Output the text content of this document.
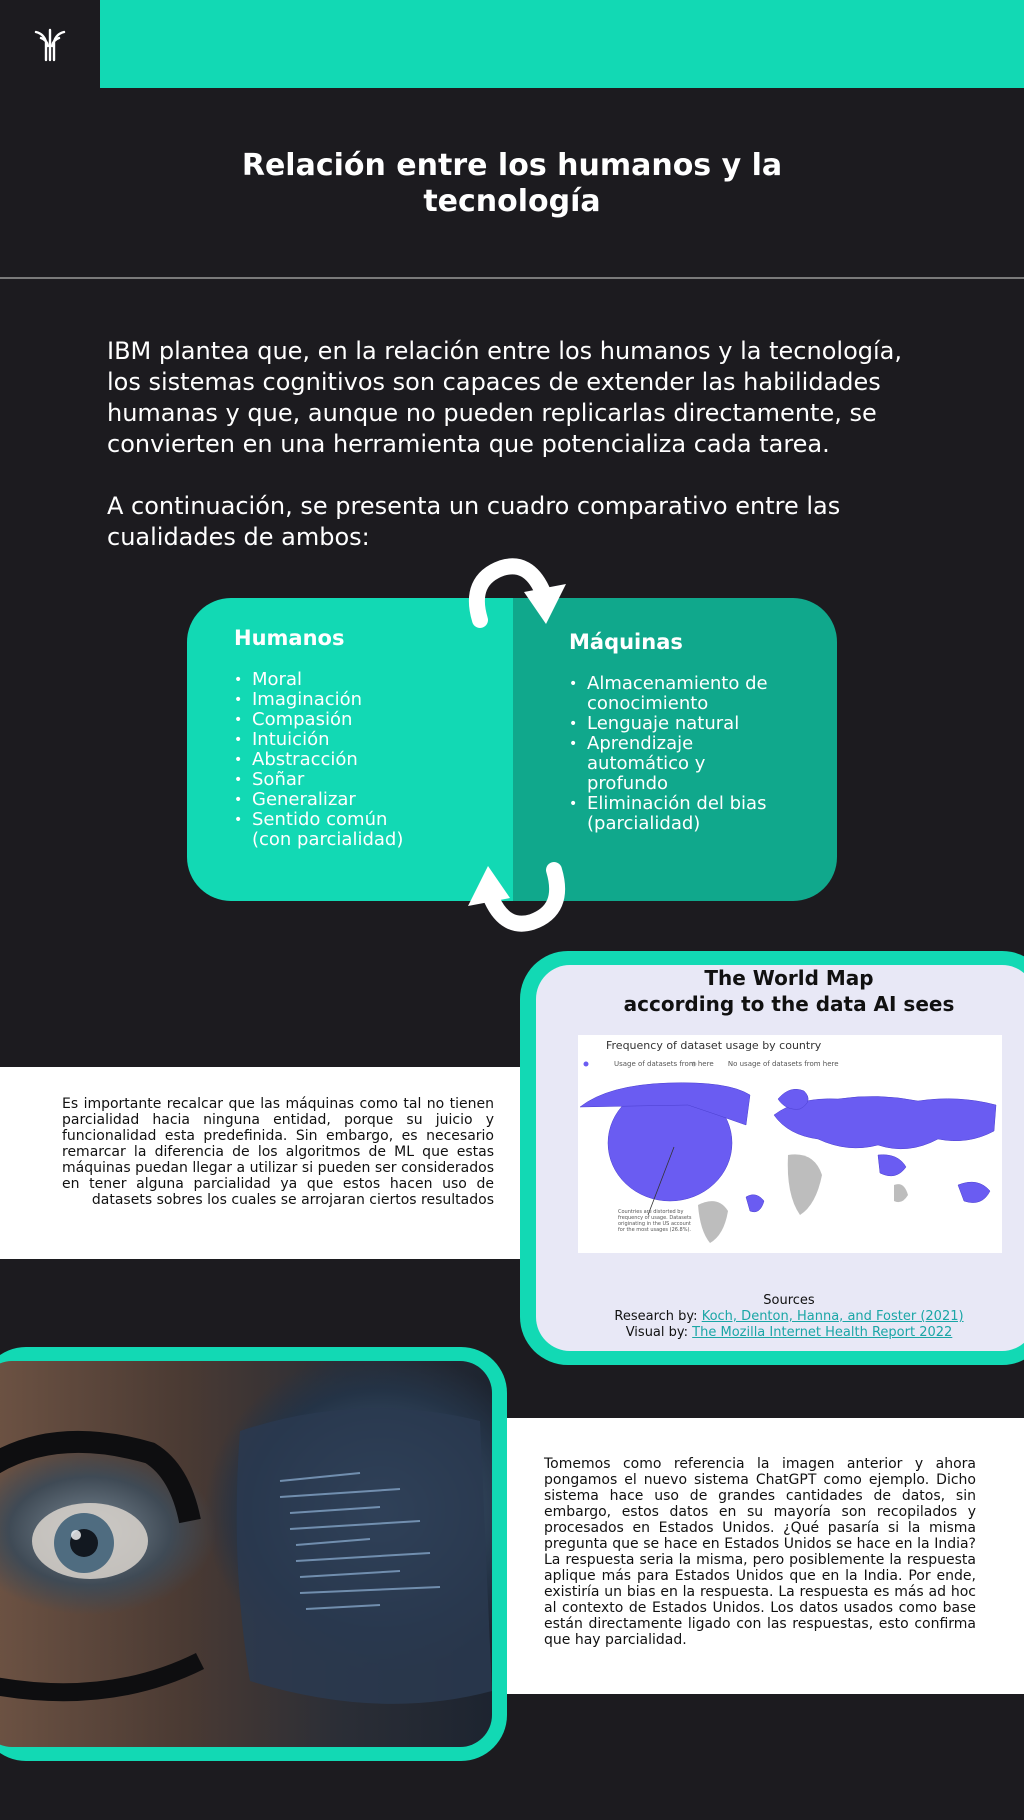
Relación entre los humanos y la tecnología

IBM plantea que, en la relación entre los humanos y la tecnología, los sistemas cognitivos son capaces de extender las habilidades humanas y que, aunque no pueden replicarlas directamente, se convierten en una herramienta que potencializa cada tarea.

A continuación, se presenta un cuadro comparativo entre las cualidades de ambos:

Humanos
• Moral
• Imaginación
• Compasión
• Intuición
• Abstracción
• Soñar
• Generalizar
• Sentido común (con parcialidad)
Máquinas
• Almacenamiento de conocimiento
• Lenguaje natural
• Aprendizaje automático y profundo
• Eliminación del bias (parcialidad)

Es importante recalcar que las máquinas como tal no tienen parcialidad hacia ninguna entidad, porque su juicio y funcionalidad esta predefinida. Sin embargo, es necesario remarcar la diferencia de los algoritmos de ML que estas máquinas puedan llegar a utilizar si pueden ser considerados en tener alguna parcialidad ya que estos hacen uso de datasets sobres los cuales se arrojaran ciertos resultados

The World Map
according to the data AI sees
Frequency of dataset usage by country
Usage of datasets from here No usage of datasets from here
Countries are distorted by frequency of usage. Datasets originating in the US account for the most usages (26.8%).
Sources
Research by: Koch, Denton, Hanna, and Foster (2021)
Visual by: The Mozilla Internet Health Report 2022

Tomemos como referencia la imagen anterior y ahora pongamos el nuevo sistema ChatGPT como ejemplo. Dicho sistema hace uso de grandes cantidades de datos, sin embargo, estos datos en su mayoría son recopilados y procesados en Estados Unidos. ¿Qué pasaría si la misma pregunta que se hace en Estados Unidos se hace en la India? La respuesta seria la misma, pero posiblemente la respuesta aplique más para Estados Unidos que en la India. Por ende, existiría un bias en la respuesta. La respuesta es más ad hoc al contexto de Estados Unidos. Los datos usados como base están directamente ligado con las respuestas, esto confirma que hay parcialidad.
